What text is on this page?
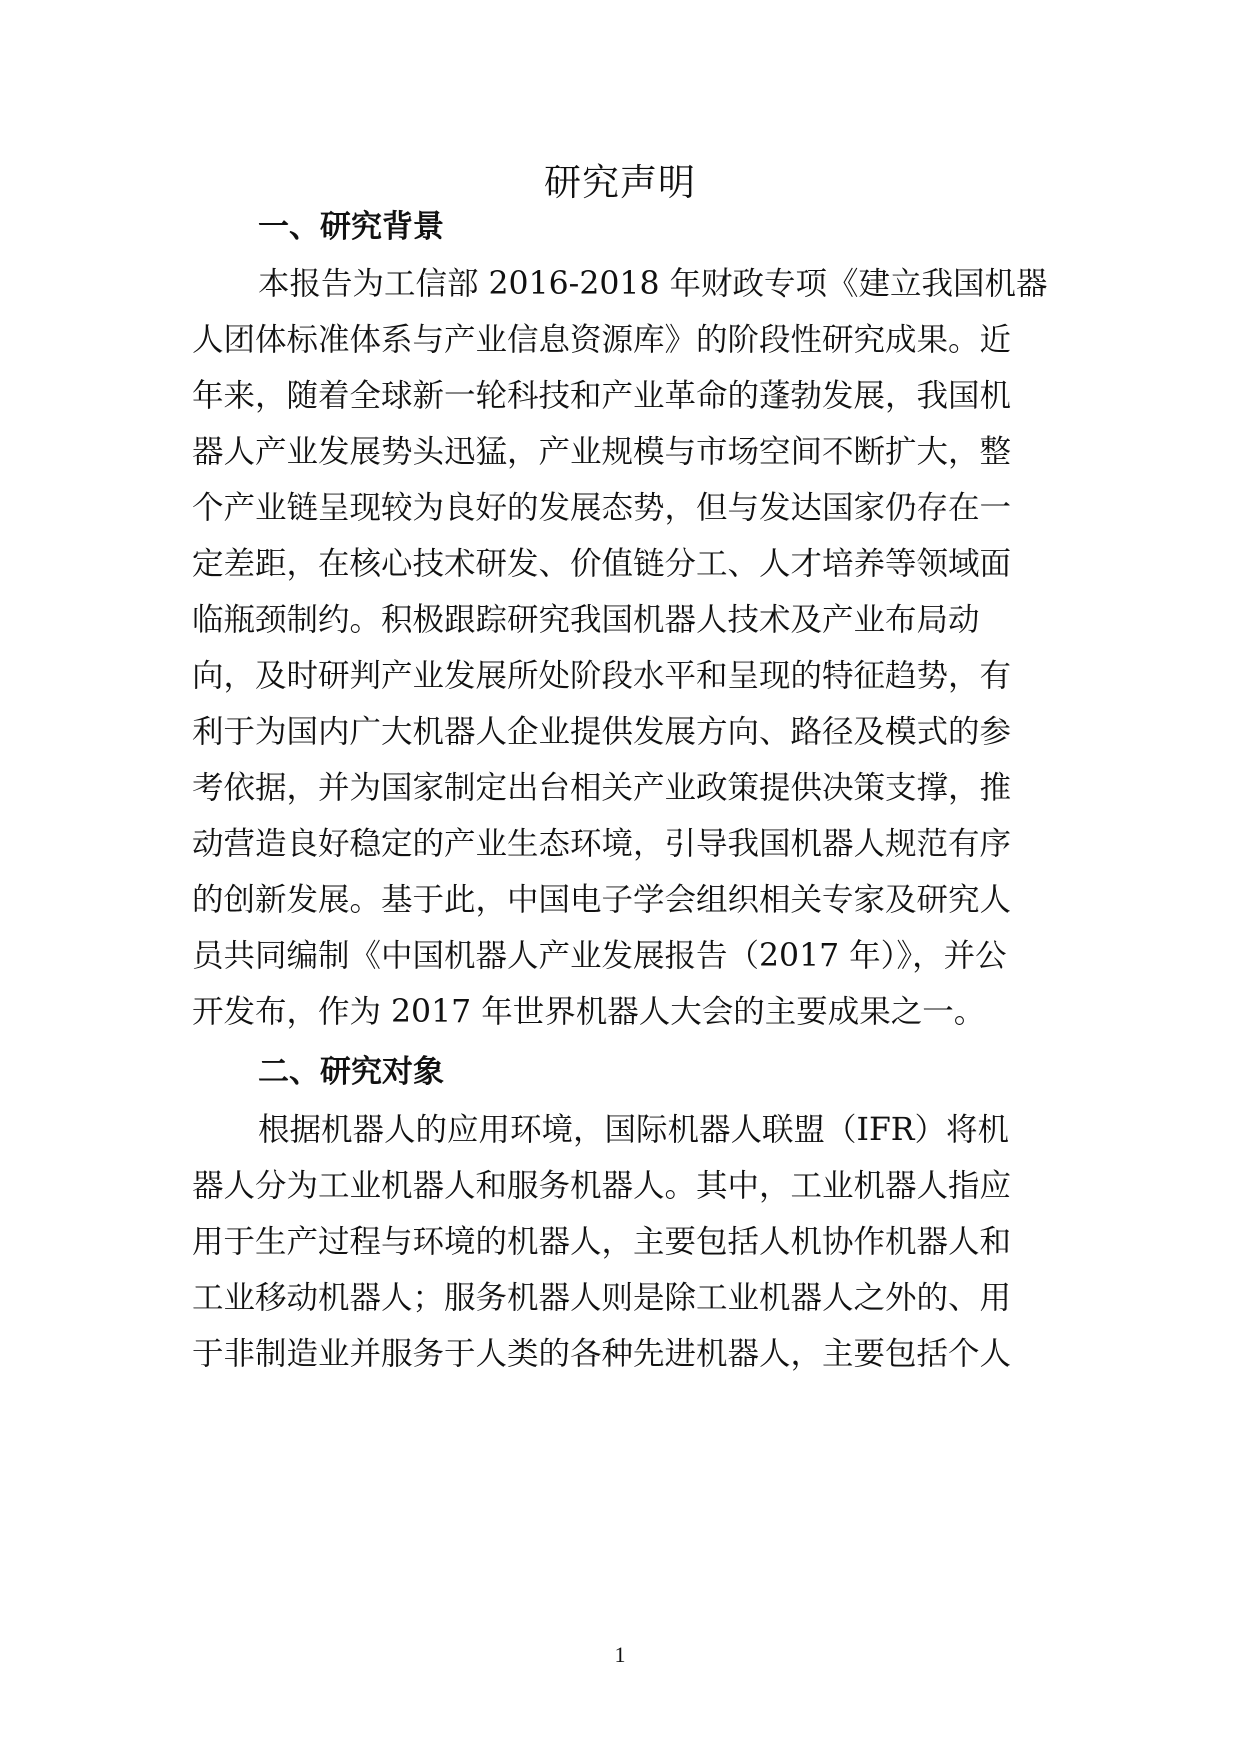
研究声明
一、研究背景

本报告为工信部 2016-2018 年财政专项《建立我国机器

人团体标准体系与产业信息资源库》的阶段性研究成果。近

年来，随着全球新一轮科技和产业革命的蓬勃发展，我国机

器人产业发展势头迅猛，产业规模与市场空间不断扩大，整

个产业链呈现较为良好的发展态势，但与发达国家仍存在一

定差距，在核心技术研发、价值链分工、人才培养等领域面

临瓶颈制约。积极跟踪研究我国机器人技术及产业布局动

向，及时研判产业发展所处阶段水平和呈现的特征趋势，有

利于为国内广大机器人企业提供发展方向、路径及模式的参

考依据，并为国家制定出台相关产业政策提供决策支撑，推

动营造良好稳定的产业生态环境，引导我国机器人规范有序

的创新发展。基于此，中国电子学会组织相关专家及研究人

员共同编制《中国机器人产业发展报告（2017 年）》，并公

开发布，作为 2017 年世界机器人大会的主要成果之一。

二、研究对象

根据机器人的应用环境，国际机器人联盟（IFR）将机

器人分为工业机器人和服务机器人。其中，工业机器人指应

用于生产过程与环境的机器人，主要包括人机协作机器人和

工业移动机器人；服务机器人则是除工业机器人之外的、用

于非制造业并服务于人类的各种先进机器人，主要包括个人

1
